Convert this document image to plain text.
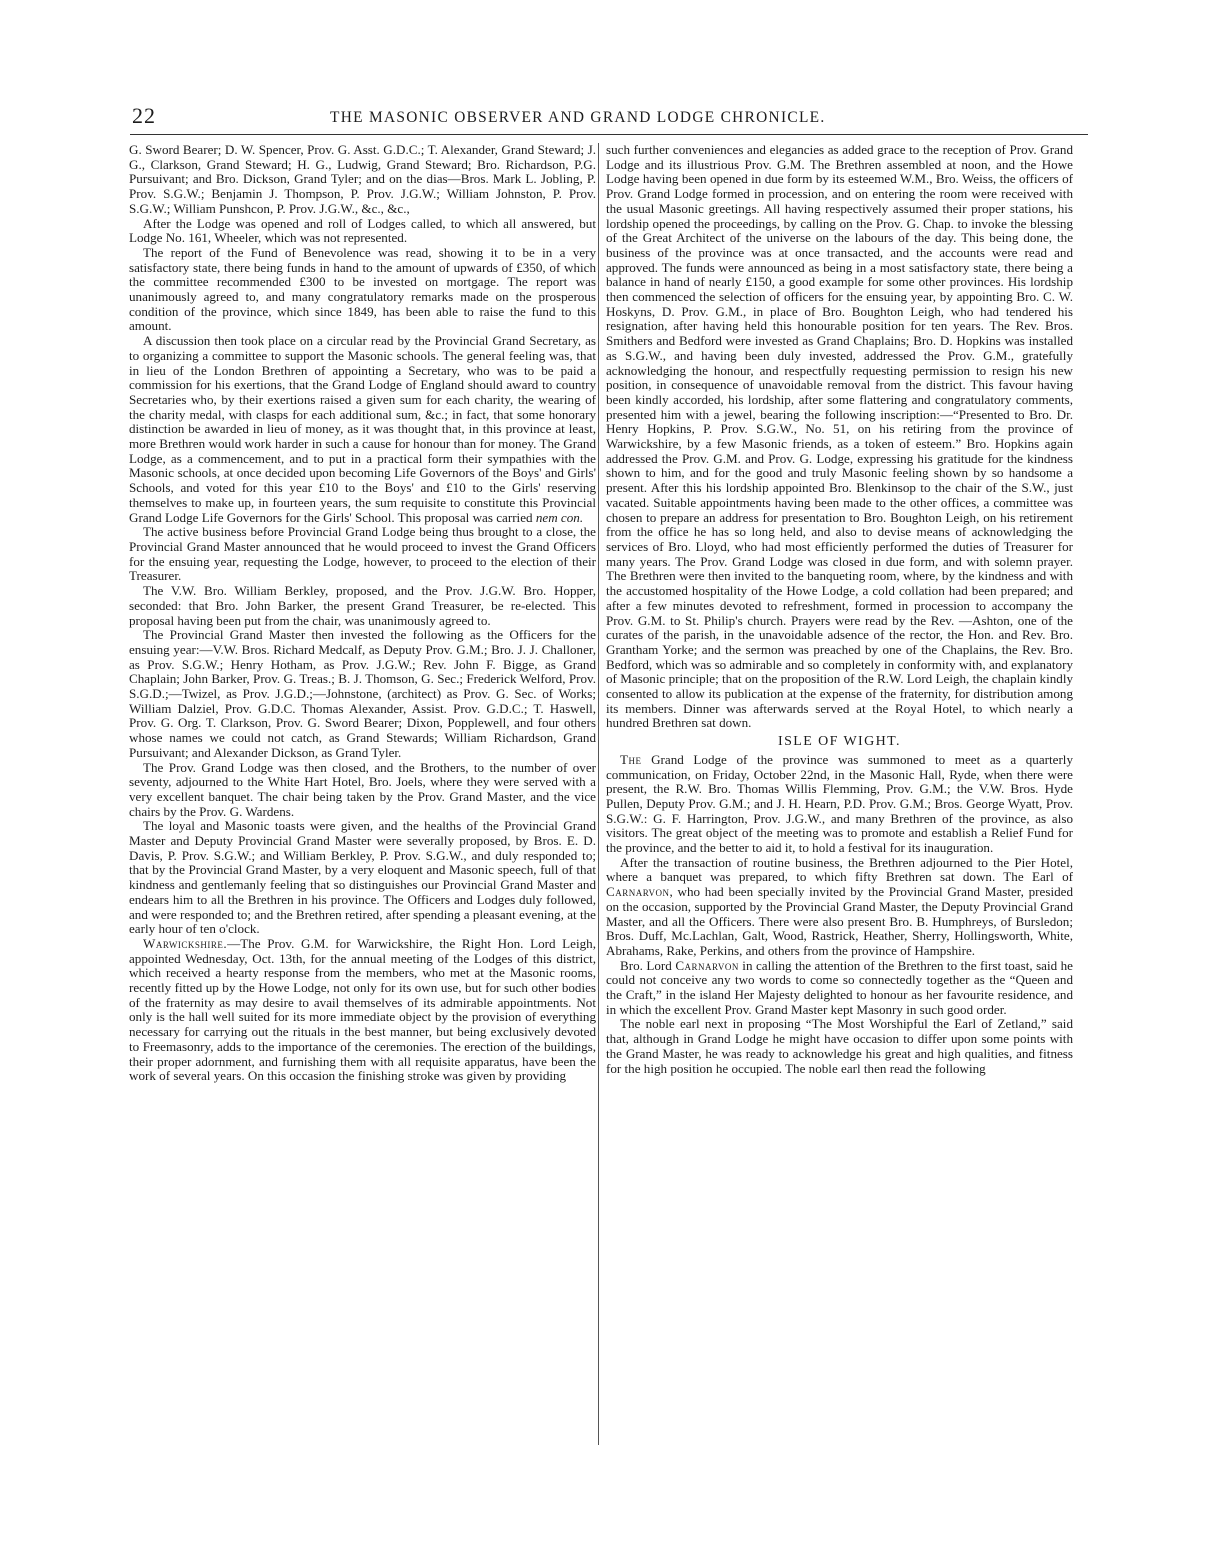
22	THE MASONIC OBSERVER AND GRAND LODGE CHRONICLE.

G. Sword Bearer; D. W. Spencer, Prov. G. Asst. G.D.C.; T. Alexander, Grand Steward; J. G., Clarkson, Grand Steward; H. G., Ludwig, Grand Steward; Bro. Richardson, P.G. Pursuivant; and Bro. Dickson, Grand Tyler; and on the dias—Bros. Mark L. Jobling, P. Prov. S.G.W.; Benjamin J. Thompson, P. Prov. J.G.W.; William Johnston, P. Prov. S.G.W.; William Punshcon, P. Prov. J.G.W., &c., &c.,

After the Lodge was opened and roll of Lodges called, to which all answered, but Lodge No. 161, Wheeler, which was not represented.

The report of the Fund of Benevolence was read, showing it to be in a very satisfactory state, there being funds in hand to the amount of upwards of £350, of which the committee recommended £300 to be invested on mortgage. The report was unanimously agreed to, and many congratulatory remarks made on the prosperous condition of the province, which since 1849, has been able to raise the fund to this amount.

A discussion then took place on a circular read by the Provincial Grand Secretary, as to organizing a committee to support the Masonic schools. The general feeling was, that in lieu of the London Brethren of appointing a Secretary, who was to be paid a commission for his exertions, that the Grand Lodge of England should award to country Secretaries who, by their exertions raised a given sum for each charity, the wearing of the charity medal, with clasps for each additional sum, &c.; in fact, that some honorary distinction be awarded in lieu of money, as it was thought that, in this province at least, more Brethren would work harder in such a cause for honour than for money. The Grand Lodge, as a commencement, and to put in a practical form their sympathies with the Masonic schools, at once decided upon becoming Life Governors of the Boys' and Girls' Schools, and voted for this year £10 to the Boys' and £10 to the Girls' reserving themselves to make up, in fourteen years, the sum requisite to constitute this Provincial Grand Lodge Life Governors for the Girls' School. This proposal was carried nem con.

The active business before Provincial Grand Lodge being thus brought to a close, the Provincial Grand Master announced that he would proceed to invest the Grand Officers for the ensuing year, requesting the Lodge, however, to proceed to the election of their Treasurer.

The V.W. Bro. William Berkley, proposed, and the Prov. J.G.W. Bro. Hopper, seconded: that Bro. John Barker, the present Grand Treasurer, be re-elected. This proposal having been put from the chair, was unanimously agreed to.

The Provincial Grand Master then invested the following as the Officers for the ensuing year:—V.W. Bros. Richard Medcalf, as Deputy Prov. G.M.; Bro. J. J. Challoner, as Prov. S.G.W.; Henry Hotham, as Prov. J.G.W.; Rev. John F. Bigge, as Grand Chaplain; John Barker, Prov. G. Treas.; B. J. Thomson, G. Sec.; Frederick Welford, Prov. S.G.D.;—Twizel, as Prov. J.G.D.;—Johnstone, (architect) as Prov. G. Sec. of Works; William Dalziel, Prov. G.D.C. Thomas Alexander, Assist. Prov. G.D.C.; T. Haswell, Prov. G. Org. T. Clarkson, Prov. G. Sword Bearer; Dixon, Popplewell, and four others whose names we could not catch, as Grand Stewards; William Richardson, Grand Pursuivant; and Alexander Dickson, as Grand Tyler.

The Prov. Grand Lodge was then closed, and the Brothers, to the number of over seventy, adjourned to the White Hart Hotel, Bro. Joels, where they were served with a very excellent banquet. The chair being taken by the Prov. Grand Master, and the vice chairs by the Prov. G. Wardens.

The loyal and Masonic toasts were given, and the healths of the Provincial Grand Master and Deputy Provincial Grand Master were severally proposed, by Bros. E. D. Davis, P. Prov. S.G.W.; and William Berkley, P. Prov. S.G.W., and duly responded to; that by the Provincial Grand Master, by a very eloquent and Masonic speech, full of that kindness and gentlemanly feeling that so distinguishes our Provincial Grand Master and endears him to all the Brethren in his province. The Officers and Lodges duly followed, and were responded to; and the Brethren retired, after spending a pleasant evening, at the early hour of ten o'clock.

Warwickshire.—The Prov. G.M. for Warwickshire, the Right Hon. Lord Leigh, appointed Wednesday, Oct. 13th, for the annual meeting of the Lodges of this district, which received a hearty response from the members, who met at the Masonic rooms, recently fitted up by the Howe Lodge, not only for its own use, but for such other bodies of the fraternity as may desire to avail themselves of its admirable appointments. Not only is the hall well suited for its more immediate object by the provision of everything necessary for carrying out the rituals in the best manner, but being exclusively devoted to Freemasonry, adds to the importance of the ceremonies. The erection of the buildings, their proper adornment, and furnishing them with all requisite apparatus, have been the work of several years. On this occasion the finishing stroke was given by providing

such further conveniences and elegancies as added grace to the reception of Prov. Grand Lodge and its illustrious Prov. G.M. The Brethren assembled at noon, and the Howe Lodge having been opened in due form by its esteemed W.M., Bro. Weiss, the officers of Prov. Grand Lodge formed in procession, and on entering the room were received with the usual Masonic greetings. All having respectively assumed their proper stations, his lordship opened the proceedings, by calling on the Prov. G. Chap. to invoke the blessing of the Great Architect of the universe on the labours of the day. This being done, the business of the province was at once transacted, and the accounts were read and approved. The funds were announced as being in a most satisfactory state, there being a balance in hand of nearly £150, a good example for some other provinces. His lordship then commenced the selection of officers for the ensuing year, by appointing Bro. C. W. Hoskyns, D. Prov. G.M., in place of Bro. Boughton Leigh, who had tendered his resignation, after having held this honourable position for ten years. The Rev. Bros. Smithers and Bedford were invested as Grand Chaplains; Bro. D. Hopkins was installed as S.G.W., and having been duly invested, addressed the Prov. G.M., gratefully acknowledging the honour, and respectfully requesting permission to resign his new position, in consequence of unavoidable removal from the district. This favour having been kindly accorded, his lordship, after some flattering and congratulatory comments, presented him with a jewel, bearing the following inscription:—“Presented to Bro. Dr. Henry Hopkins, P. Prov. S.G.W., No. 51, on his retiring from the province of Warwickshire, by a few Masonic friends, as a token of esteem.” Bro. Hopkins again addressed the Prov. G.M. and Prov. G. Lodge, expressing his gratitude for the kindness shown to him, and for the good and truly Masonic feeling shown by so handsome a present. After this his lordship appointed Bro. Blenkinsop to the chair of the S.W., just vacated. Suitable appointments having been made to the other offices, a committee was chosen to prepare an address for presentation to Bro. Boughton Leigh, on his retirement from the office he has so long held, and also to devise means of acknowledging the services of Bro. Lloyd, who had most efficiently performed the duties of Treasurer for many years. The Prov. Grand Lodge was closed in due form, and with solemn prayer. The Brethren were then invited to the banqueting room, where, by the kindness and with the accustomed hospitality of the Howe Lodge, a cold collation had been prepared; and after a few minutes devoted to refreshment, formed in procession to accompany the Prov. G.M. to St. Philip's church. Prayers were read by the Rev. —Ashton, one of the curates of the parish, in the unavoidable adsence of the rector, the Hon. and Rev. Bro. Grantham Yorke; and the sermon was preached by one of the Chaplains, the Rev. Bro. Bedford, which was so admirable and so completely in conformity with, and explanatory of Masonic principle; that on the proposition of the R.W. Lord Leigh, the chaplain kindly consented to allow its publication at the expense of the fraternity, for distribution among its members. Dinner was afterwards served at the Royal Hotel, to which nearly a hundred Brethren sat down.

ISLE OF WIGHT.

The Grand Lodge of the province was summoned to meet as a quarterly communication, on Friday, October 22nd, in the Masonic Hall, Ryde, when there were present, the R.W. Bro. Thomas Willis Flemming, Prov. G.M.; the V.W. Bros. Hyde Pullen, Deputy Prov. G.M.; and J. H. Hearn, P.D. Prov. G.M.; Bros. George Wyatt, Prov. S.G.W.: G. F. Harrington, Prov. J.G.W., and many Brethren of the province, as also visitors. The great object of the meeting was to promote and establish a Relief Fund for the province, and the better to aid it, to hold a festival for its inauguration.

After the transaction of routine business, the Brethren adjourned to the Pier Hotel, where a banquet was prepared, to which fifty Brethren sat down. The Earl of Carnarvon, who had been specially invited by the Provincial Grand Master, presided on the occasion, supported by the Provincial Grand Master, the Deputy Provincial Grand Master, and all the Officers. There were also present Bro. B. Humphreys, of Bursledon; Bros. Duff, Mc.Lachlan, Galt, Wood, Rastrick, Heather, Sherry, Hollingsworth, White, Abrahams, Rake, Perkins, and others from the province of Hampshire.

Bro. Lord Carnarvon in calling the attention of the Brethren to the first toast, said he could not conceive any two words to come so connectedly together as the “Queen and the Craft,” in the island Her Majesty delighted to honour as her favourite residence, and in which the excellent Prov. Grand Master kept Masonry in such good order.

The noble earl next in proposing “The Most Worshipful the Earl of Zetland,” said that, although in Grand Lodge he might have occasion to differ upon some points with the Grand Master, he was ready to acknowledge his great and high qualities, and fitness for the high position he occupied. The noble earl then read the following
